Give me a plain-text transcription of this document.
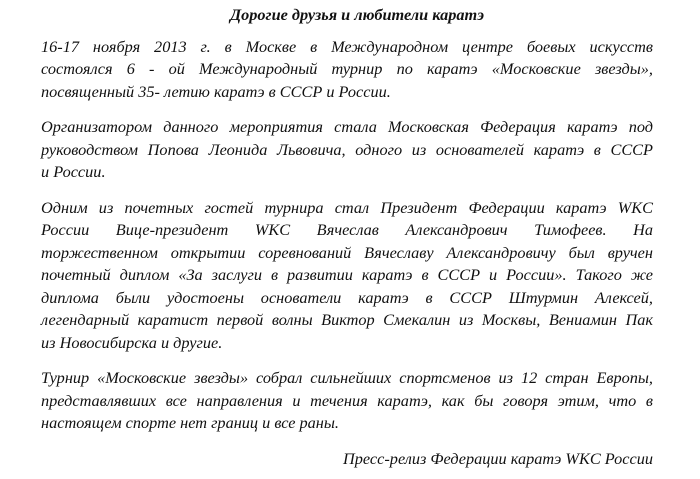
Дорогие друзья и любители каратэ
16-17 ноября 2013 г. в Москве в Международном центре боевых искусств
состоялся 6 - ой Международный турнир по каратэ «Московские звезды»,
посвященный 35- летию каратэ в СССР и России.
Организатором данного мероприятия стала Московская Федерация каратэ под
руководством Попова Леонида Львовича, одного из основателей каратэ в СССР
и России.
Одним из почетных гостей турнира стал Президент Федерации каратэ WKC
России Вице-президент WKC Вячеслав Александрович Тимофеев. На
торжественном открытии соревнований Вячеславу Александровичу был вручен
почетный диплом «За заслуги в развитии каратэ в СССР и России». Такого же
диплома были удостоены основатели каратэ в СССР Штурмин Алексей,
легендарный каратист первой волны Виктор Смекалин из Москвы, Вениамин Пак
из Новосибирска и другие.
Турнир «Московские звезды» собрал сильнейших спортсменов из 12 стран Европы,
представлявших все направления и течения каратэ, как бы говоря этим, что в
настоящем спорте нет границ и все раны.
Пресс-релиз Федерации каратэ WKC России
